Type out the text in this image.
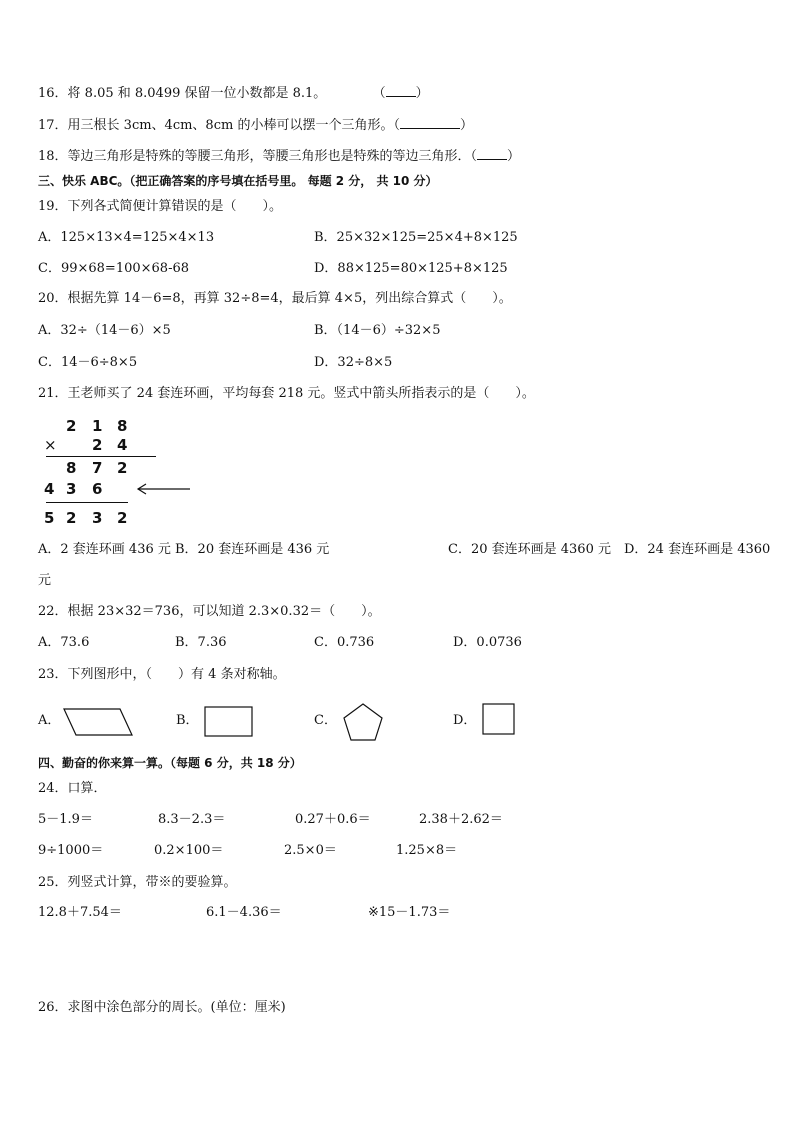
16．将 8.05 和 8.0499 保留一位小数都是 8.1。	（ ）
17．用三根长 3cm、4cm、8cm 的小棒可以摆一个三角形。（	）
18．等边三角形是特殊的等腰三角形，等腰三角形也是特殊的等边三角形．（ ）
三、快乐 ABC。（把正确答案的序号填在括号里。 每题 2 分， 共 10 分）
19．下列各式简便计算错误的是（　　）。
A．125×13×4=125×4×13	B．25×32×125=25×4+8×125
C．99×68=100×68-68	D．88×125=80×125+8×125
20．根据先算 14－6=8，再算 32÷8=4，最后算 4×5，列出综合算式（　　）。
A．32÷（14－6）×5	B．（14－6）÷32×5
C．14－6÷8×5	D．32÷8×5
21．王老师买了 24 套连环画，平均每套 218 元。竖式中箭头所指表示的是（　　）。
2 1 8
× 2 4
8 7 2
4 3 6
5 2 3 2
A．2 套连环画 436 元 B．20 套连环画是 436 元	C．20 套连环画是 4360 元　D．24 套连环画是 4360
元
22．根据 23×32＝736，可以知道 2.3×0.32＝（　　）。
A．73.6	B．7.36	C．0.736	D．0.0736
23．下列图形中，（　　）有 4 条对称轴。
A．	B．	C．	D．
四、勤奋的你来算一算。（每题 6 分，共 18 分）
24．口算．
5－1.9＝	8.3－2.3＝	0.27＋0.6＝	2.38＋2.62＝
9÷1000＝	0.2×100＝	2.5×0＝	1.25×8＝
25．列竖式计算，带※的要验算。
12.8＋7.54＝	6.1－4.36＝	※15－1.73＝
26．求图中涂色部分的周长。(单位：厘米)
